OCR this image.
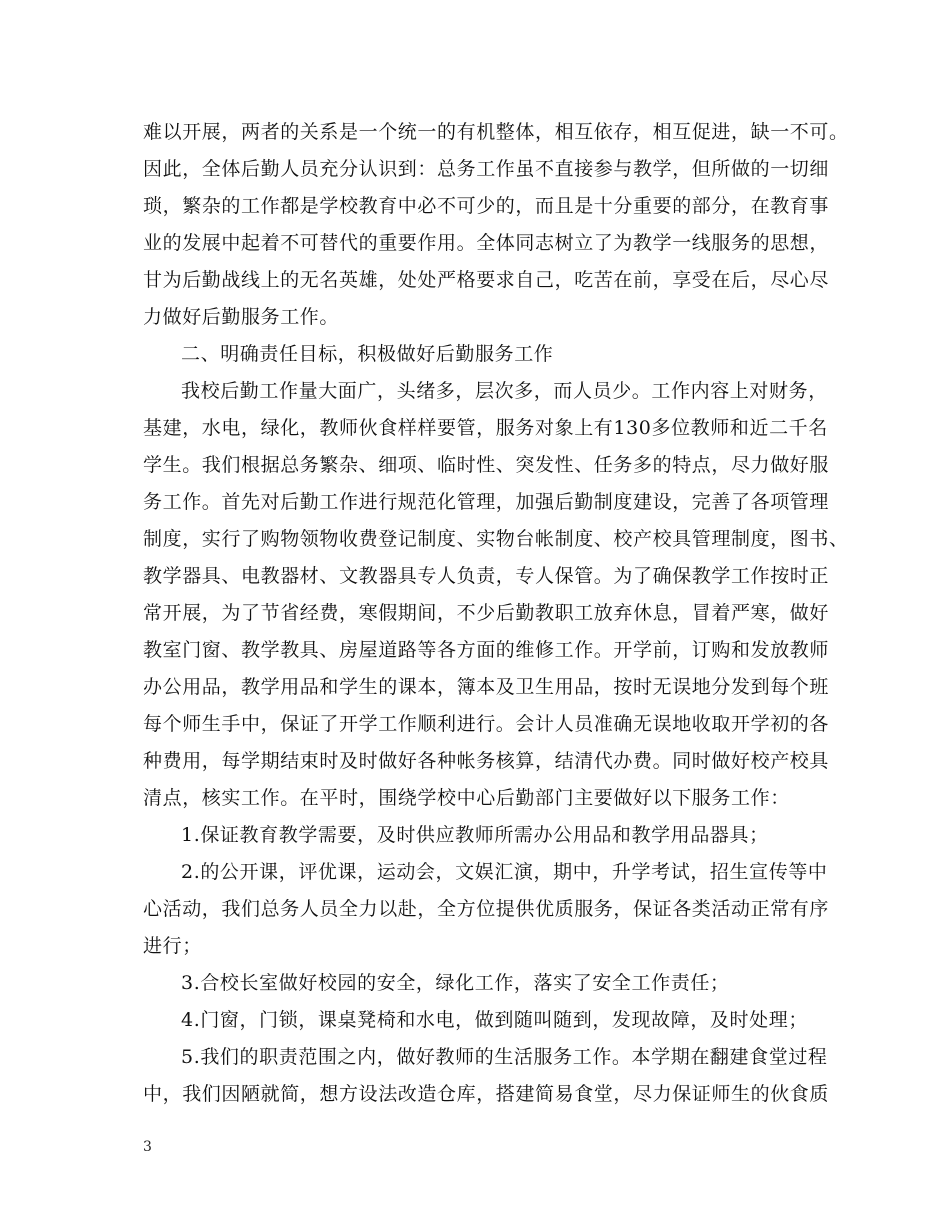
难以开展，两者的关系是一个统一的有机整体，相互依存，相互促进，缺一不可。
因此，全体后勤人员充分认识到：总务工作虽不直接参与教学，但所做的一切细
琐，繁杂的工作都是学校教育中必不可少的，而且是十分重要的部分，在教育事
业的发展中起着不可替代的重要作用。全体同志树立了为教学一线服务的思想，
甘为后勤战线上的无名英雄，处处严格要求自己，吃苦在前，享受在后，尽心尽
力做好后勤服务工作。
二、明确责任目标，积极做好后勤服务工作
我校后勤工作量大面广，头绪多，层次多，而人员少。工作内容上对财务，
基建，水电，绿化，教师伙食样样要管，服务对象上有130多位教师和近二千名
学生。我们根据总务繁杂、细项、临时性、突发性、任务多的特点，尽力做好服
务工作。首先对后勤工作进行规范化管理，加强后勤制度建设，完善了各项管理
制度，实行了购物领物收费登记制度、实物台帐制度、校产校具管理制度，图书、
教学器具、电教器材、文教器具专人负责，专人保管。为了确保教学工作按时正
常开展，为了节省经费，寒假期间，不少后勤教职工放弃休息，冒着严寒，做好
教室门窗、教学教具、房屋道路等各方面的维修工作。开学前，订购和发放教师
办公用品，教学用品和学生的课本，簿本及卫生用品，按时无误地分发到每个班
每个师生手中，保证了开学工作顺利进行。会计人员准确无误地收取开学初的各
种费用，每学期结束时及时做好各种帐务核算，结清代办费。同时做好校产校具
清点，核实工作。在平时，围绕学校中心后勤部门主要做好以下服务工作：
1.保证教育教学需要，及时供应教师所需办公用品和教学用品器具；
2.的公开课，评优课，运动会，文娱汇演，期中，升学考试，招生宣传等中
心活动，我们总务人员全力以赴，全方位提供优质服务，保证各类活动正常有序
进行；
3.合校长室做好校园的安全，绿化工作，落实了安全工作责任；
4.门窗，门锁，课桌凳椅和水电，做到随叫随到，发现故障，及时处理；
5.我们的职责范围之内，做好教师的生活服务工作。本学期在翻建食堂过程
中，我们因陋就简，想方设法改造仓库，搭建简易食堂，尽力保证师生的伙食质
3
